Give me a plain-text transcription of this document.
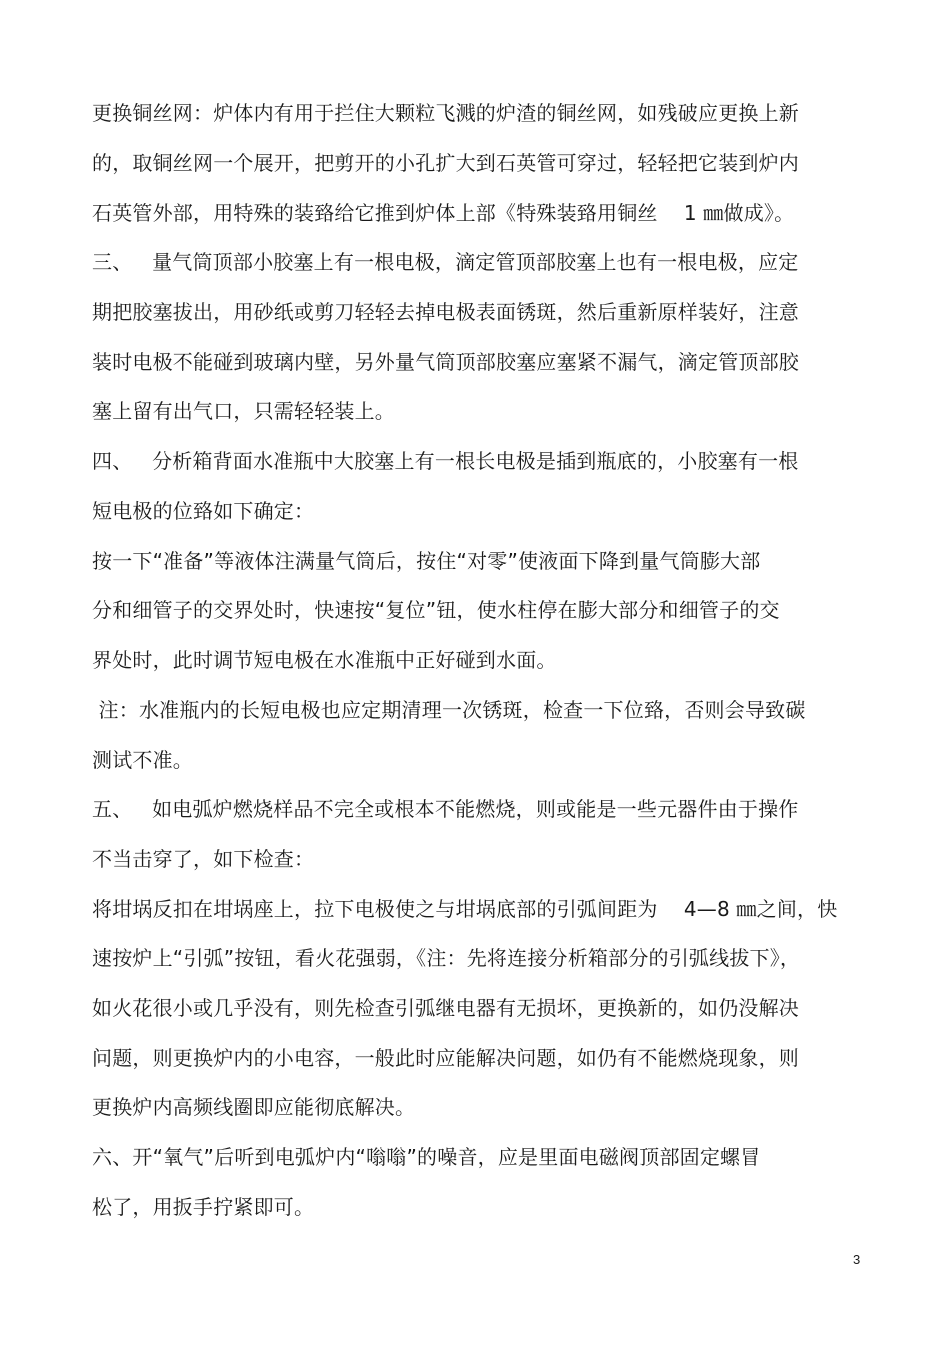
更换铜丝网：炉体内有用于拦住大颗粒飞溅的炉渣的铜丝网，如残破应更换上新
的，取铜丝网一个展开，把剪开的小孔扩大到石英管可穿过，轻轻把它装到炉内
石英管外部，用特殊的装臵给它推到炉体上部《特殊装臵用铜丝    1 ㎜做成》。
三、   量气筒顶部小胶塞上有一根电极，滴定管顶部胶塞上也有一根电极，应定
期把胶塞拔出，用砂纸或剪刀轻轻去掉电极表面锈斑，然后重新原样装好，注意
装时电极不能碰到玻璃内壁，另外量气筒顶部胶塞应塞紧不漏气，滴定管顶部胶
塞上留有出气口，只需轻轻装上。
四、   分析箱背面水准瓶中大胶塞上有一根长电极是插到瓶底的，小胶塞有一根
短电极的位臵如下确定：
按一下“准备”等液体注满量气筒后，按住“对零”使液面下降到量气筒膨大部
分和细管子的交界处时，快速按“复位”钮，使水柱停在膨大部分和细管子的交
界处时，此时调节短电极在水准瓶中正好碰到水面。
注：水准瓶内的长短电极也应定期清理一次锈斑，检查一下位臵，否则会导致碳
测试不准。
五、   如电弧炉燃烧样品不完全或根本不能燃烧，则或能是一些元器件由于操作
不当击穿了，如下检查：
将坩埚反扣在坩埚座上，拉下电极使之与坩埚底部的引弧间距为    4—8 ㎜之间，快
速按炉上“引弧”按钮，看火花强弱，《注：先将连接分析箱部分的引弧线拔下》，
如火花很小或几乎没有，则先检查引弧继电器有无损坏，更换新的，如仍没解决
问题，则更换炉内的小电容，一般此时应能解决问题，如仍有不能燃烧现象，则
更换炉内高频线圈即应能彻底解决。
六、开“氧气”后听到电弧炉内“嗡嗡”的噪音，应是里面电磁阀顶部固定螺冒
松了，用扳手拧紧即可。
3
